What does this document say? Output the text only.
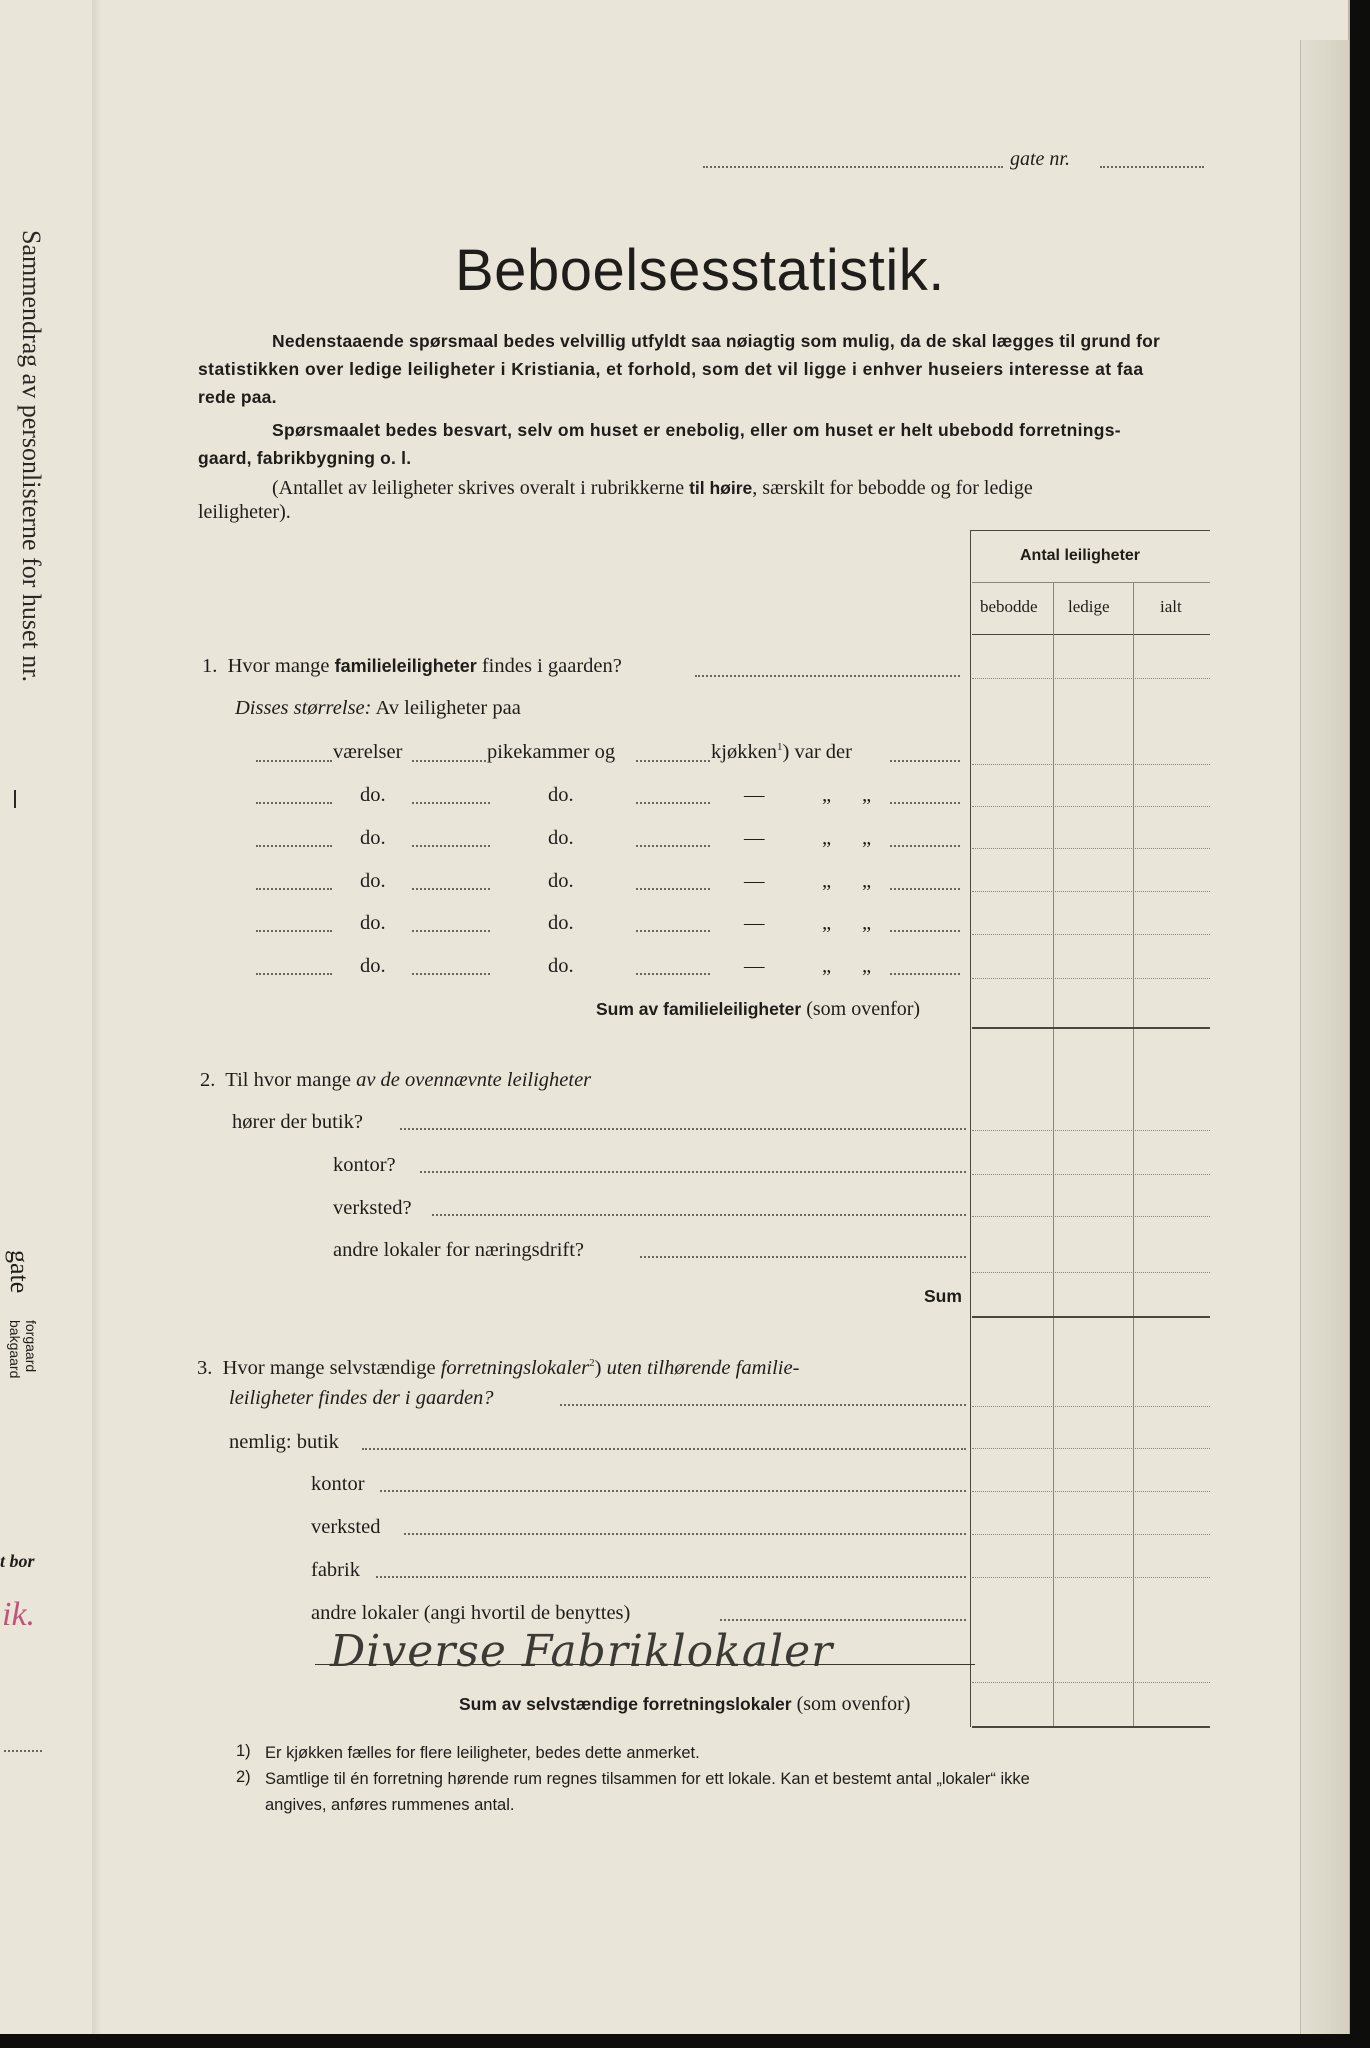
Sammendrag av personlisterne for huset nr.
gate
forgaard
bakgaard
t bor
ik.
gate nr.
Beboelsesstatistik.
Nedenstaaende spørsmaal bedes velvillig utfyldt saa nøiagtig som mulig, da de skal lægges til grund for
statistikken over ledige leiligheter i Kristiania, et forhold, som det vil ligge i enhver huseiers interesse at faa
rede paa.
Spørsmaalet bedes besvart, selv om huset er enebolig, eller om huset er helt ubebodd forretnings-
gaard, fabrikbygning o. l.
(Antallet av leiligheter skrives overalt i rubrikkerne til høire, særskilt for bebodde og for ledige
leiligheter).
Antal leiligheter
bebodde ledige	ialt
1. Hvor mange familieleiligheter findes i gaarden?
Disses størrelse: Av leiligheter paa
værelser	pikekammer og	kjøkken$^1$) var der
do.	do.	—	„ „
do.	do.	—	„ „
do.	do.	—	„ „
do.	do.	—	„ „
do.	do.	—	„ „
Sum av familieleiligheter (som ovenfor)
2. Til hvor mange av de ovennævnte leiligheter
hører der butik?
kontor?
verksted?
andre lokaler for næringsdrift?
Sum
3. Hvor mange selvstændige forretningslokaler$^2$) uten tilhørende familie-
leiligheter findes der i gaarden?
nemlig: butik
kontor
verksted
fabrik
andre lokaler (angi hvortil de benyttes)
Diverse Fabriklokaler
Sum av selvstændige forretningslokaler (som ovenfor)
1) Er kjøkken fælles for flere leiligheter, bedes dette anmerket.
2) Samtlige til én forretning hørende rum regnes tilsammen for ett lokale. Kan et bestemt antal „lokaler“ ikke
angives, anføres rummenes antal.
